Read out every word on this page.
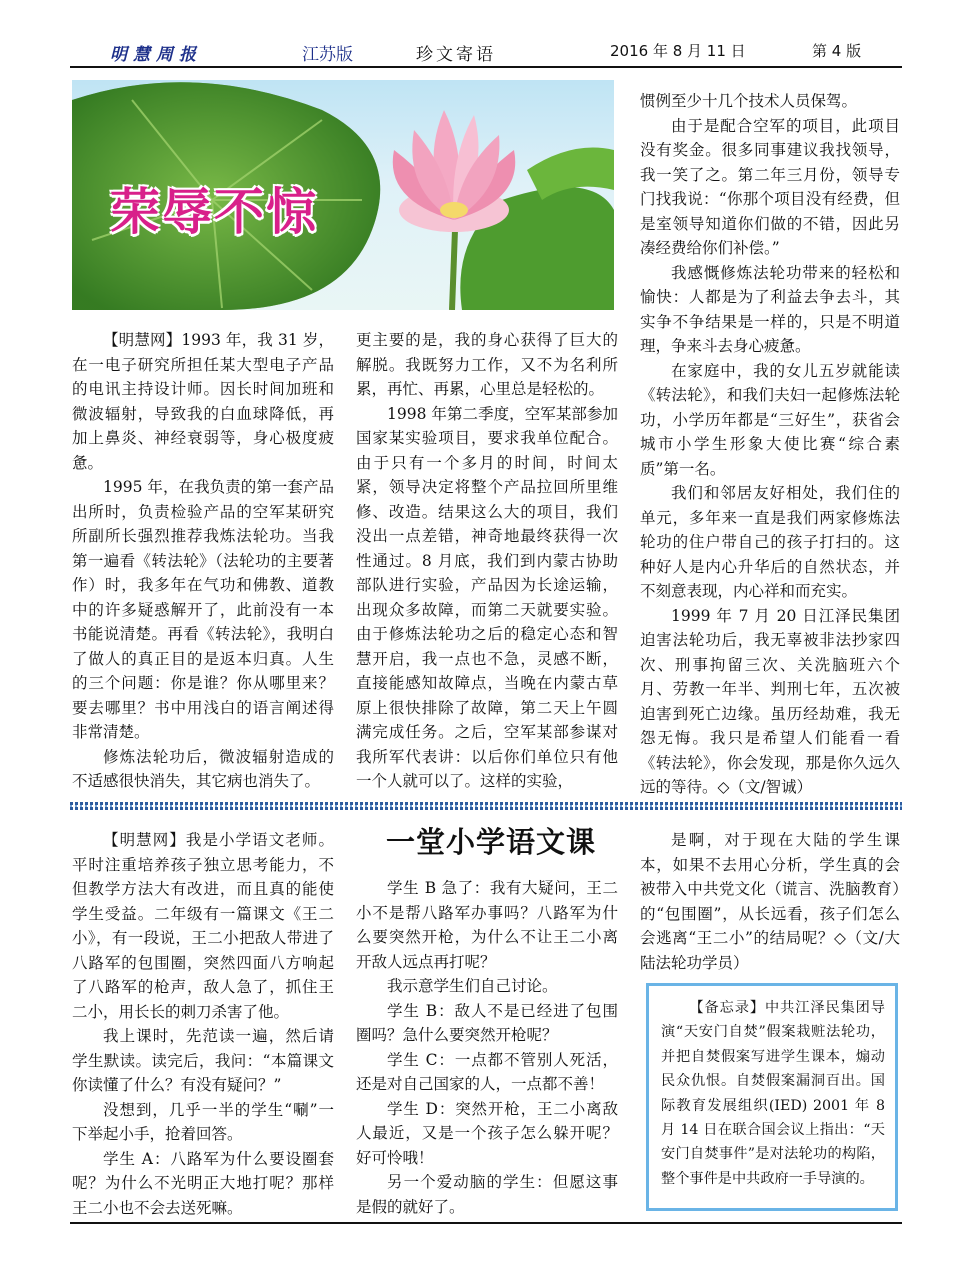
明慧周报	江苏版	珍文寄语	2016 年 8 月 11 日	第 4 版
荣辱不惊

【明慧网】1993 年，我 31 岁，在一电子研究所担任某大型电子产品的电讯主持设计师。因长时间加班和微波辐射，导致我的白血球降低，再加上鼻炎、神经衰弱等，身心极度疲惫。

1995 年，在我负责的第一套产品出所时，负责检验产品的空军某研究所副所长强烈推荐我炼法轮功。当我第一遍看《转法轮》（法轮功的主要著作）时，我多年在气功和佛教、道教中的许多疑惑解开了，此前没有一本书能说清楚。再看《转法轮》，我明白了做人的真正目的是返本归真。人生的三个问题：你是谁？你从哪里来？要去哪里？书中用浅白的语言阐述得非常清楚。

修炼法轮功后，微波辐射造成的不适感很快消失，其它病也消失了。

更主要的是，我的身心获得了巨大的解脱。我既努力工作，又不为名利所累，再忙、再累，心里总是轻松的。

1998 年第二季度，空军某部参加国家某实验项目，要求我单位配合。由于只有一个多月的时间，时间太紧，领导决定将整个产品拉回所里维修、改造。结果这么大的项目，我们没出一点差错，神奇地最终获得一次性通过。8 月底，我们到内蒙古协助部队进行实验，产品因为长途运输，出现众多故障，而第二天就要实验。由于修炼法轮功之后的稳定心态和智慧开启，我一点也不急，灵感不断，直接能感知故障点，当晚在内蒙古草原上很快排除了故障，第二天上午圆满完成任务。之后，空军某部参谋对我所军代表讲：以后你们单位只有他一个人就可以了。这样的实验，

惯例至少十几个技术人员保驾。

由于是配合空军的项目，此项目没有奖金。很多同事建议我找领导，我一笑了之。第二年三月份，领导专门找我说：“你那个项目没有经费，但是室领导知道你们做的不错，因此另凑经费给你们补偿。”

我感慨修炼法轮功带来的轻松和愉快：人都是为了利益去争去斗，其实争不争结果是一样的，只是不明道理，争来斗去身心疲惫。

在家庭中，我的女儿五岁就能读《转法轮》，和我们夫妇一起修炼法轮功，小学历年都是“三好生”，获省会城市小学生形象大使比赛“综合素质”第一名。

我们和邻居友好相处，我们住的单元，多年来一直是我们两家修炼法轮功的住户带自己的孩子打扫的。这种好人是内心升华后的自然状态，并不刻意表现，内心祥和而充实。

1999 年 7 月 20 日江泽民集团迫害法轮功后，我无辜被非法抄家四次、刑事拘留三次、关洗脑班六个月、劳教一年半、判刑七年，五次被迫害到死亡边缘。虽历经劫难，我无怨无悔。我只是希望人们能看一看《转法轮》，你会发现，那是你久远久远的等待。◇（文/智诚）

【明慧网】我是小学语文老师。平时注重培养孩子独立思考能力，不但教学方法大有改进，而且真的能使学生受益。二年级有一篇课文《王二小》，有一段说，王二小把敌人带进了八路军的包围圈，突然四面八方响起了八路军的枪声，敌人急了，抓住王二小，用长长的刺刀杀害了他。

我上课时，先范读一遍，然后请学生默读。读完后，我问：“本篇课文你读懂了什么？有没有疑问？”

没想到，几乎一半的学生“唰”一下举起小手，抢着回答。

学生 A：八路军为什么要设圈套呢？为什么不光明正大地打呢？那样王二小也不会去送死嘛。

一堂小学语文课

学生 B 急了：我有大疑问，王二小不是帮八路军办事吗？八路军为什么要突然开枪，为什么不让王二小离开敌人远点再打呢？

我示意学生们自己讨论。

学生 B：敌人不是已经进了包围圈吗？急什么要突然开枪呢？

学生 C：一点都不管别人死活，还是对自己国家的人，一点都不善！

学生 D：突然开枪，王二小离敌人最近，又是一个孩子怎么躲开呢？好可怜哦！

另一个爱动脑的学生：但愿这事是假的就好了。

是啊，对于现在大陆的学生课本，如果不去用心分析，学生真的会被带入中共党文化（谎言、洗脑教育）的“包围圈”，从长远看，孩子们怎么会逃离“王二小”的结局呢？◇（文/大陆法轮功学员）

【备忘录】中共江泽民集团导演“天安门自焚”假案栽赃法轮功，并把自焚假案写进学生课本，煽动民众仇恨。自焚假案漏洞百出。国际教育发展组织(IED) 2001 年 8 月 14 日在联合国会议上指出：“天安门自焚事件”是对法轮功的构陷，整个事件是中共政府一手导演的。
